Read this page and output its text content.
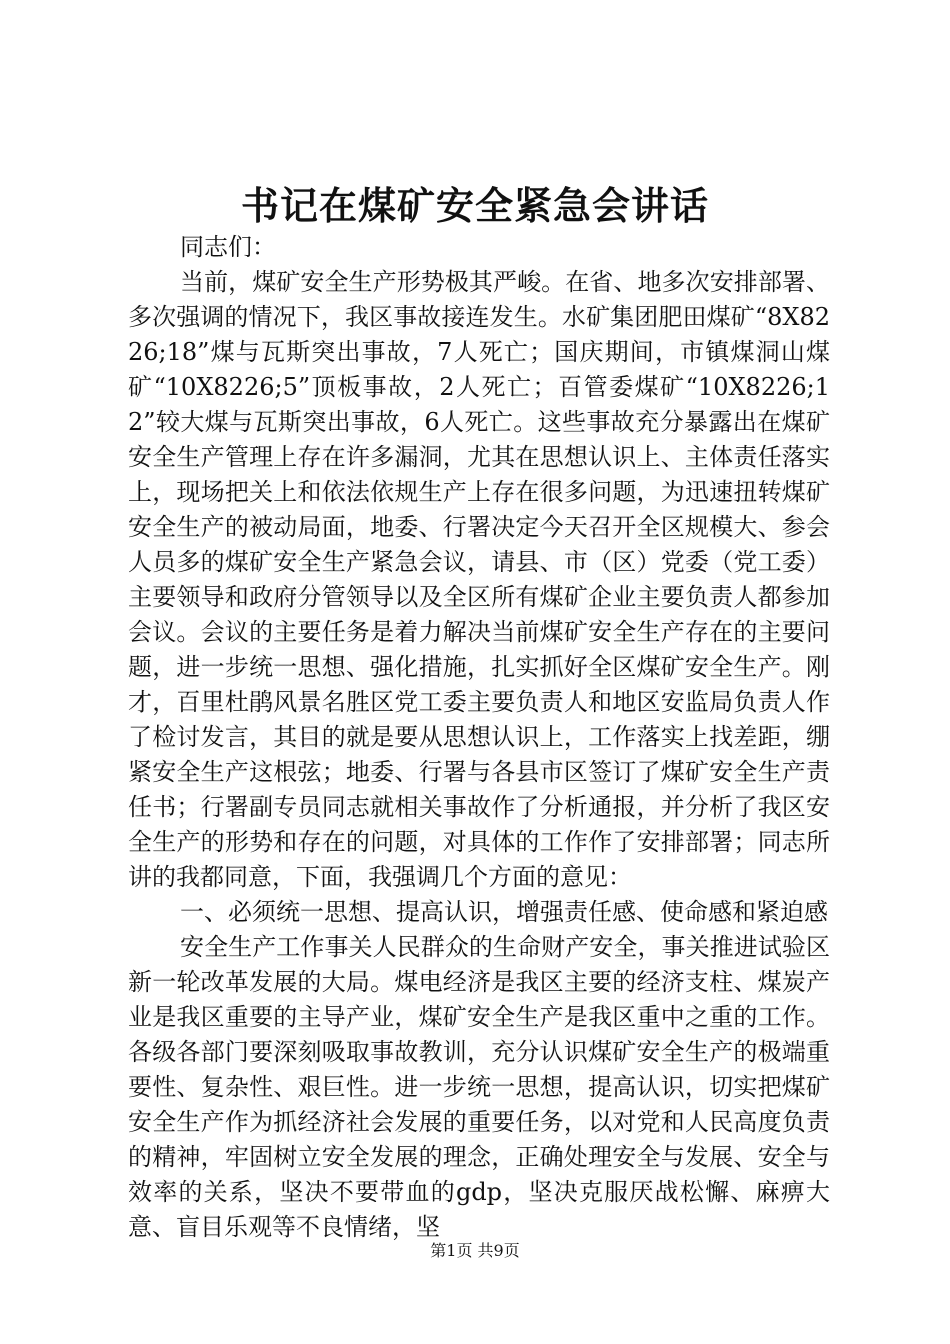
书记在煤矿安全紧急会讲话

同志们：

当前，煤矿安全生产形势极其严峻。在省、地多次安排部署、多次强调的情况下，我区事故接连发生。水矿集团肥田煤矿“8X8226;18”煤与瓦斯突出事故，7人死亡；国庆期间，市镇煤洞山煤矿“10X8226;5”顶板事故，2人死亡；百管委煤矿“10X8226;12”较大煤与瓦斯突出事故，6人死亡。这些事故充分暴露出在煤矿安全生产管理上存在许多漏洞，尤其在思想认识上、主体责任落实上，现场把关上和依法依规生产上存在很多问题，为迅速扭转煤矿安全生产的被动局面，地委、行署决定今天召开全区规模大、参会人员多的煤矿安全生产紧急会议，请县、市（区）党委（党工委）主要领导和政府分管领导以及全区所有煤矿企业主要负责人都参加会议。会议的主要任务是着力解决当前煤矿安全生产存在的主要问题，进一步统一思想、强化措施，扎实抓好全区煤矿安全生产。刚才，百里杜鹃风景名胜区党工委主要负责人和地区安监局负责人作了检讨发言，其目的就是要从思想认识上，工作落实上找差距，绷紧安全生产这根弦；地委、行署与各县市区签订了煤矿安全生产责任书；行署副专员同志就相关事故作了分析通报，并分析了我区安全生产的形势和存在的问题，对具体的工作作了安排部署；同志所讲的我都同意，下面，我强调几个方面的意见：

一、必须统一思想、提高认识，增强责任感、使命感和紧迫感

安全生产工作事关人民群众的生命财产安全，事关推进试验区新一轮改革发展的大局。煤电经济是我区主要的经济支柱、煤炭产业是我区重要的主导产业，煤矿安全生产是我区重中之重的工作。各级各部门要深刻吸取事故教训，充分认识煤矿安全生产的极端重要性、复杂性、艰巨性。进一步统一思想，提高认识，切实把煤矿安全生产作为抓经济社会发展的重要任务，以对党和人民高度负责的精神，牢固树立安全发展的理念，正确处理安全与发展、安全与效率的关系，坚决不要带血的gdp，坚决克服厌战松懈、麻痹大意、盲目乐观等不良情绪，坚

第1页 共9页
